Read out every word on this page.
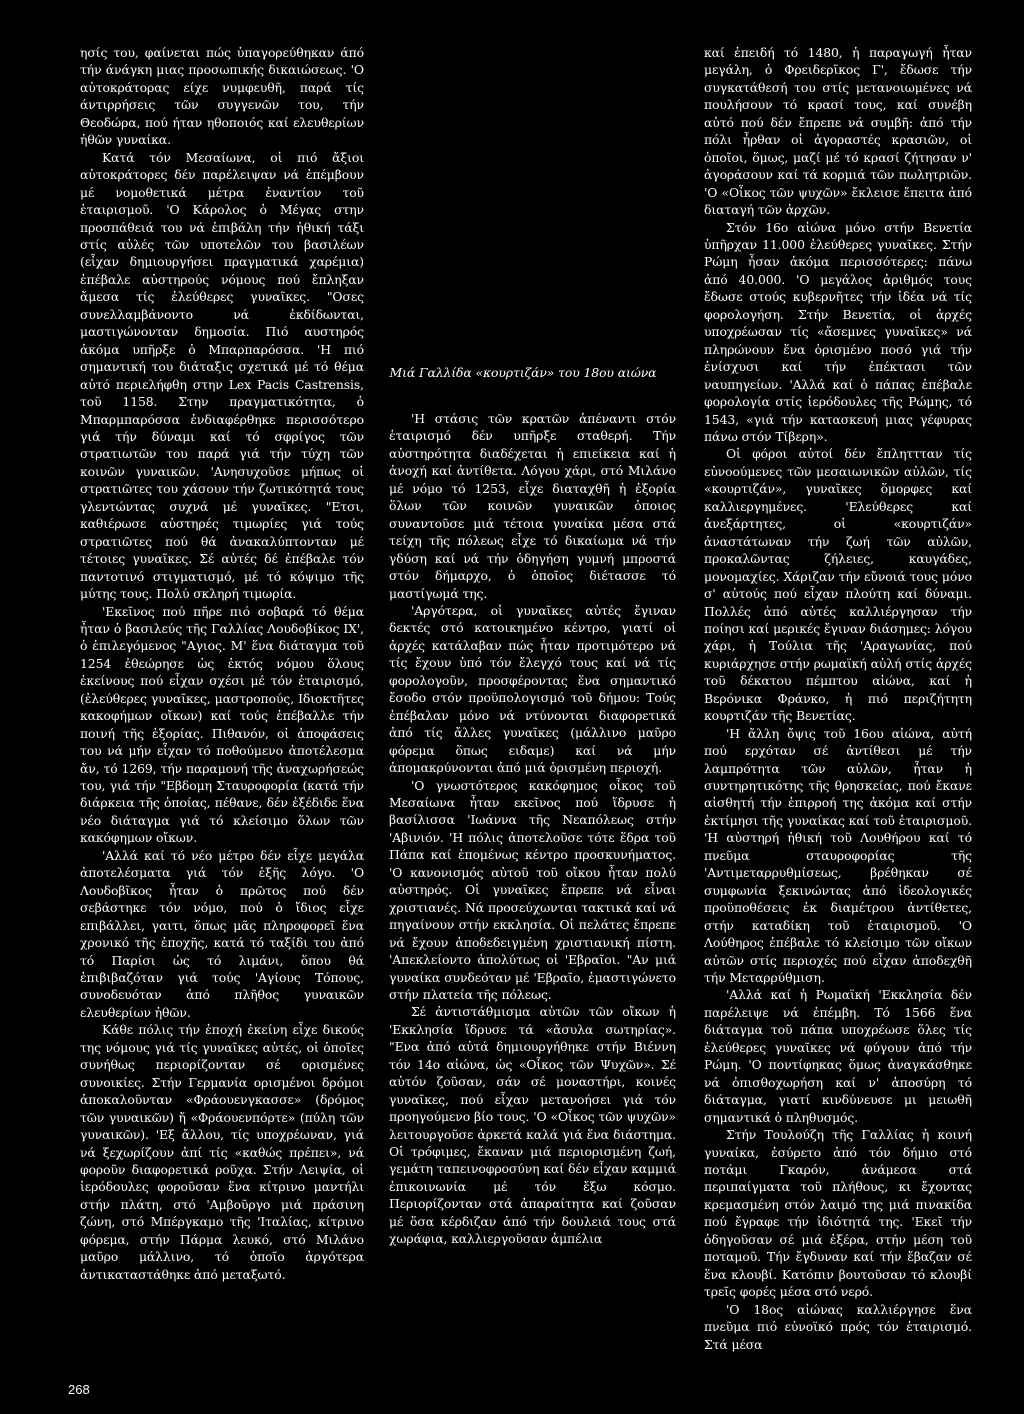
ησίς του, φαίνεται πώς ὑπαγορεύθηκαν άπό τήν άνάγκη μιας προσωπικής δικαιώσεως. 'Ο αὐτοκράτορας είχε νυμφευθῆ, παρά τίς άντιρρήσεις τῶν συγγενῶν του, τήν Θεοδώρα, πού ήταν ηθοποιός καί ελευθερίων ἠθῶν γυναίκα.

Κατά τόν Μεσαίωνα, οἱ πιό ἄξιοι αὐτοκράτορες δέν παρέλειψαν νά ἐπέμβουν μέ νομοθετικά μέτρα ἐναντίον τοῦ ἑταιρισμοῦ. 'Ο Κάρολος ὁ Μέγας στην προσπάθειά του νά ἐπιβάλη τήν ἠθική τάξι στίς αὐλές τῶν υποτελῶν του βασιλέων (εἶχαν δημιουργήσει πραγματικά χαρέμια) ἐπέβαλε αὐστηρούς νόμους πού ἔπληξαν ἄμεσα τίς ἐλεύθερες γυναῖκες. "Οσες συνελλαμβάνοντο νά ἐκδίδωνται, μαστιγώνονταν δημοσία. Πιό αυστηρός ἀκόμα υπῆρξε ὁ Μπαρπαρόσσα. 'Η πιό σημαντική του διάταξις σχετικά μέ τό θέμα αὐτό περιελήφθη στην Lex Pacis Castrensis, τοῦ 1158. Στην πραγματικότητα, ὁ Μπαρμπαρόσσα ἐνδιαφέρθηκε περισσότερο γιά τήν δύναμι καί τό σφρίγος τῶν στρατιωτῶν του παρά γιά τήν τύχη τῶν κοινῶν γυναικῶν. 'Ανησυχοῦσε μήπως οἱ στρατιῶτες του χάσουν τήν ζωτικότητά τους γλεντώντας συχνά μέ γυναῖκες. "Ετσι, καθιέρωσε αὐστηρές τιμωρίες γιά τούς στρατιῶτες πού θά ἀνακαλύπτονταν μέ τέτοιες γυναῖκες. Σέ αὐτές δέ ἐπέβαλε τόν παντοτινό στιγματισμό, μέ τό κόψιμο τῆς μύτης τους. Πολύ σκληρή τιμωρία.

'Εκεῖνος πού πῆρε πιό σοβαρά τό θέμα ἦταν ὁ βασιλεύς τῆς Γαλλίας Λουδοβίκος IX', ὁ ἐπιλεγόμενος "Αγιος. Μ' ἕνα διάταγμα τοῦ 1254 ἐθεώρησε ὡς ἐκτός νόμου ὅλους ἐκείνους πού εἶχαν σχέσι μέ τόν ἑταιρισμό, (ἐλεύθερες γυναῖκες, μαστροπούς, Ιδιοκτῆτες κακοφήμων οἴκων) καί τούς ἐπέβαλλε τήν ποινή τῆς ἐξορίας. Πιθανόν, οἱ ἀποφάσεις του νά μήν εἶχαν τό ποθούμενο ἀποτέλεσμα ἄν, τό 1269, τήν παραμονή τῆς ἀναχωρήσεώς του, γιά τήν "Εβδομη Σταυροφορία (κατά τήν διάρκεια τῆς ὁποίας, πέθανε, δέν ἐξέδιδε ἕνα νέο διάταγμα γιά τό κλείσιμο ὅλων τῶν κακόφημων οἴκων.

'Αλλά καί τό νέο μέτρο δέν εἶχε μεγάλα ἀποτελέσματα γιά τόν ἑξῆς λόγο. 'Ο Λουδοβῖκος ἦταν ὁ πρῶτος πού δέν σεβάστηκε τόν νόμο, πού ὁ ἴδιος εἶχε επιβάλλει, γαιτι, ὅπως μᾶς πληροφορεῖ ἕνα χρονικό τῆς ἐποχῆς, κατά τό ταξίδι του ἀπό τό Παρίσι ὡς τό λιμάνι, ὅπου θά ἐπιβιβαζόταν γιά τούς 'Αγίους Τόπους, συνοδευόταν ἀπό πλῆθος γυναικῶν ελευθερίων ἠθῶν.

Κάθε πόλις τήν ἐποχή ἐκείνη εἶχε δικούς της νόμους γιά τίς γυναῖκες αὐτές, οἱ ὁποῖες συνήθως περιορίζονταν σέ ορισμένες συνοικίες. Στήν Γερμανία ορισμένοι δρόμοι ἀποκαλοῦνταν «Φράουενγκασσε» (δρόμος τῶν γυναικῶν) ἤ «Φράουενπόρτε» (πύλη τῶν γυναικῶν). 'Εξ ἄλλου, τίς υποχρέωναν, γιά νά ξεχωρίζουν ἀπί τίς «καθώς πρέπει», νά φοροῦν διαφορετικά ροῦχα. Στήν Λειψία, οἱ ἱερόδουλες φοροῦσαν ἕνα κίτρινο μαντήλι στήν πλάτη, στό 'Αμβοῦργο μιά πράσινη ζώνη, στό Μπέργκαμο τῆς 'Ιταλίας, κίτρινο φόρεμα, στήν Πάρμα λευκό, στό Μιλάνο μαῦρο μάλλινο, τό ὁποῖο ἀργότερα ἀντικαταστάθηκε ἀπό μεταξωτό.

Μιά Γαλλίδα «κουρτιζάν» του 18ου αιώνα

'Η στάσις τῶν κρατῶν ἀπέναντι στόν ἑταιρισμό δέν υπῆρξε σταθερή. Τήν αὐστηρότητα διαδέχεται ἡ επιείκεια καί ἡ ἀνοχή καί ἀντίθετα. Λόγου χάρι, στό Μιλάνο μέ νόμο τό 1253, εἶχε διαταχθῆ ἡ ἐξορία ὅλων τῶν κοινῶν γυναικῶν ὁποιος συναντοῦσε μιά τέτοια γυναίκα μέσα στά τείχη τῆς πόλεως εἶχε τό δικαίωμα νά τήν γδύση καί νά τήν ὁδηγήση γυμνή μπροστά στόν δήμαρχο, ὁ ὁποῖος διέτασσε τό μαστίγωμά της.

'Αργότερα, οἱ γυναῖκες αὐτές ἔγιναν δεκτές στό κατοικημένο κέντρο, γιατί οἱ ἀρχές κατάλαβαν πώς ἦταν προτιμότερο νά τίς ἔχουν ὑπό τόν ἔλεγχό τους καί νά τίς φορολογοῦν, προσφέροντας ἕνα σημαντικό ἔσοδο στόν προϋπολογισμό τοῦ δήμου: Τούς ἐπέβαλαν μόνο νά ντύνονται διαφορετικά ἀπό τίς ἄλλες γυναῖκες (μάλλινο μαῦρο φόρεμα ὅπως ειδαμε) καί νά μήν ἀπομακρύνονται ἀπό μιά ὁρισμένη περιοχή.

'Ο γνωστότερος κακόφημος οἶκος τοῦ Μεσαίωνα ἦταν εκεῖνος πού ἵδρυσε ἡ βασίλισσα 'Ιωάννα τῆς Νεαπόλεως στήν 'Αβινιόν. 'Η πόλις ἀποτελοῦσε τότε ἕδρα τοῦ Πάπα καί ἑπομένως κέντρο προσκυνήματος. 'Ο κανονισμός αὐτοῦ τοῦ οἴκου ἦταν πολύ αὐστηρός. Οἱ γυναῖκες ἔπρεπε νά εἶναι χριστιανές. Νά προσεύχωνται τακτικά καί νά πηγαίνουν στήν εκκλησία. Οἱ πελάτες ἔπρεπε νά ἔχουν ἀποδεδειγμένη χριστιανική πίστη. 'Απεκλείοντο ἀπολύτως οἱ 'Εβραῖοι. "Αν μιά γυναίκα συνδεόταν μέ 'Εβραῖο, ἐμαστιγώνετο στήν πλατεία τῆς πόλεως.

Σέ ἀντιστάθμισμα αὐτῶν τῶν οἴκων ἡ 'Εκκλησία ἵδρυσε τά «ἄσυλα σωτηρίας». "Ενα ἀπό αὐτά δημιουργήθηκε στήν Βιέννη τόν 14ο αἰώνα, ὡς «Οἶκος τῶν Ψυχῶν». Σέ αὐτόν ζοῦσαν, σάν σέ μοναστήρι, κοινές γυναῖκες, πού εἶχαν μετανοήσει γιά τόν προηγούμενο βίο τους. 'Ο «Οἶκος τῶν ψυχῶν» λειτουργοῦσε ἀρκετά καλά γιά ἕνα διάστημα. Οἱ τρόφιμες, ἔκαναν μιά περιορισμένη ζωή, γεμάτη ταπεινοφροσύνη καί δέν εἶχαν καμμιά ἐπικοινωνία μέ τόν ἔξω κόσμο. Περιορίζονταν στά ἀπαραίτητα καί ζοῦσαν μέ ὅσα κέρδιζαν ἀπό τήν δουλειά τους στά χωράφια, καλλιεργοῦσαν ἀμπέλια

καί ἐπειδή τό 1480, ἡ παραγωγή ἦταν μεγάλη, ὁ Φρειδερῖκος Γ', ἔδωσε τήν συγκατάθεσή του στίς μετανοιωμένες νά πουλήσουν τό κρασί τους, καί συνέβη αὐτό πού δέν ἔπρεπε νά συμβῆ: ἀπό τήν πόλι ἦρθαν οἱ ἀγοραστές κρασιῶν, οἱ ὁποῖοι, ὅμως, μαζί μέ τό κρασί ζήτησαν ν' ἀγοράσουν καί τά κορμιά τῶν πωλητριῶν. 'Ο «Οἶκος τῶν ψυχῶν» ἔκλεισε ἔπειτα ἀπό διαταγή τῶν ἀρχῶν.

Στόν 16ο αἰώνα μόνο στήν Βενετία ὑπῆρχαν 11.000 ἐλεύθερες γυναῖκες. Στήν Ρώμη ἦσαν ἀκόμα περισσότερες: πάνω ἀπό 40.000. 'Ο μεγάλος ἀριθμός τους ἔδωσε στούς κυβερνῆτες τήν ἰδέα νά τίς φορολογήση. Στήν Βενετία, οἱ ἀρχές υποχρέωσαν τίς «ἄσεμνες γυναῖκες» νά πληρώνουν ἕνα ὁρισμένο ποσό γιά τήν ἐνίσχυσι καί τήν ἐπέκτασι τῶν ναυπηγείων. 'Αλλά καί ὁ πάπας ἐπέβαλε φορολογία στίς ἱερόδουλες τῆς Ρώμης, τό 1543, «γιά τήν κατασκευή μιας γέφυρας πάνω στόν Τίβερη».

Οἱ φόροι αὐτοί δέν ἔπληττταν τίς εὐνοούμενες τῶν μεσαιωνικῶν αὐλῶν, τίς «κουρτιζάν», γυναῖκες ὅμορφες καί καλλιεργημένες. 'Ελεύθερες καί ἀνεξάρτητες, οἱ «κουρτιζάν» ἀναστάτωναν τήν ζωή τῶν αὐλῶν, προκαλῶντας ζήλειες, καυγάδες, μονομαχίες. Χάριζαν τήν εὔνοιά τους μόνο σ' αὐτούς πού εἶχαν πλούτη καί δύναμι. Πολλές ἀπό αὐτές καλλιέργησαν τήν ποίησι καί μερικές ἔγιναν διάσημες: λόγου χάρι, ἡ Τούλια τῆς 'Αραγωνίας, πού κυριάρχησε στήν ρωμαϊκή αὐλή στίς ἀρχές τοῦ δέκατου πέμπτου αἰώνα, καί ἡ Βερόνικα Φράνκο, ἡ πιό περιζήτητη κουρτιζάν τῆς Βενετίας.

'Η ἄλλη ὄψις τοῦ 16ου αἰώνα, αὐτή πού ερχόταν σέ ἀντίθεσι μέ τήν λαμπρότητα τῶν αὐλῶν, ἦταν ἡ συντηρητικότης τῆς θρησκείας, πού ἔκανε αἰσθητή τήν ἐπιρροή της ἀκόμα καί στήν ἐκτίμησι τῆς γυναίκας καί τοῦ ἑταιρισμοῦ. 'Η αὐστηρή ἠθική τοῦ Λουθήρου καί τό πνεῦμα σταυροφορίας τῆς 'Αντιμεταρρυθμίσεως, βρέθηκαν σέ συμφωνία ξεκινώντας ἀπό ἰδεολογικές προϋποθέσεις ἐκ διαμέτρου ἀντίθετες, στήν καταδίκη τοῦ ἑταιρισμοῦ. 'Ο Λούθηρος ἐπέβαλε τό κλείσιμο τῶν οἴκων αὐτῶν στίς περιοχές πού εἶχαν ἀποδεχθῆ τήν Μεταρρύθμιση.

'Αλλά καί ἡ Ρωμαϊκή 'Εκκλησία δέν παρέλειψε νά ἐπέμβη. Τό 1566 ἕνα διάταγμα τοῦ πάπα υποχρέωσε ὅλες τίς ἐλεύθερες γυναῖκες νά φύγουν ἀπό τήν Ρώμη. 'Ο ποντίφηκας ὅμως ἀναγκάσθηκε νά ὀπισθοχωρήση καί ν' ἀποσύρη τό διάταγμα, γιατί κινδύνευσε μι μειωθῆ σημαντικά ὁ πληθυσμός.

Στήν Τουλούζη τῆς Γαλλίας ἡ κοινή γυναίκα, ἐσύρετο ἀπό τόν δήμιο στό ποτάμι Γκαρόν, ἀνάμεσα στά περιπαίγματα τοῦ πλήθους, κι ἔχοντας κρεμασμένη στόν λαιμό της μιά πινακίδα πού ἔγραφε τήν ἰδιότητά της. 'Εκεῖ τήν ὁδηγοῦσαν σέ μιά ἐξέρα, στήν μέση τοῦ ποταμοῦ. Τήν ἔγδυναν καί τήν ἔβαζαν σέ ἕνα κλουβί. Κατόπιν βουτοῦσαν τό κλουβί τρεῖς φορές μέσα στό νερό.

'Ο 18ος αἰώνας καλλιέργησε ἕνα πνεῦμα πιό εὐνοϊκό πρός τόν ἑταιρισμό. Στά μέσα

268
